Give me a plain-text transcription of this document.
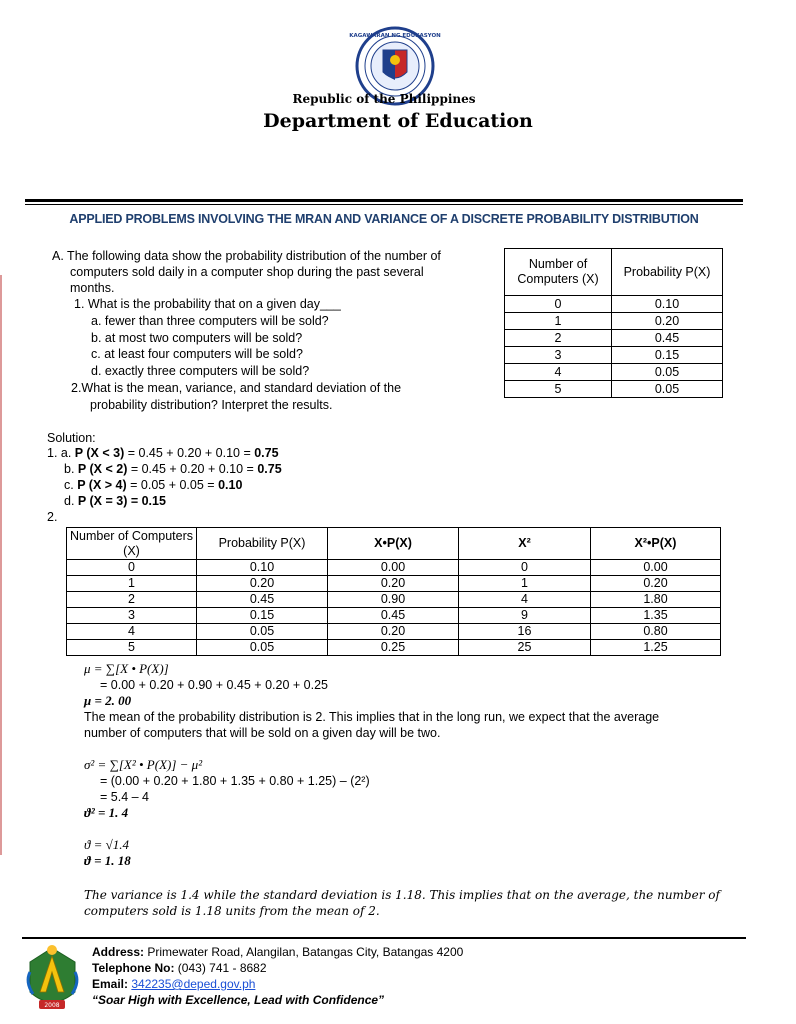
KAGAWARAN NG EDUKASYON
Republic of the Philippines
Department of Education
APPLIED PROBLEMS INVOLVING THE MRAN AND VARIANCE OF A DISCRETE PROBABILITY DISTRIBUTION
A. The following data show the probability distribution of the number of
computers sold daily in a computer shop during the past several
months.
1. What is the probability that on a given day___
a. fewer than three computers will be sold?
b. at most two computers will be sold?
c. at least four computers will be sold?
d. exactly three computers will be sold?
2.What is the mean, variance, and standard deviation of the
probability distribution? Interpret the results.
Number of Computers (X)	Probability P(X)
0	0.10
1	0.20
2	0.45
3	0.15
4	0.05
5	0.05
Solution:
1. a. P (X < 3) = 0.45 + 0.20 + 0.10 = 0.75
b. P (X < 2) = 0.45 + 0.20 + 0.10 = 0.75
c. P (X > 4) = 0.05 + 0.05 = 0.10
d. P (X = 3) = 0.15
2.
Number of Computers (X)	Probability P(X)	X•P(X)	X²	X²•P(X)
0	0.10	0.00	0	0.00
1	0.20	0.20	1	0.20
2	0.45	0.90	4	1.80
3	0.15	0.45	9	1.35
4	0.05	0.20	16	0.80
5	0.05	0.25	25	1.25
μ = ∑[X • P(X)]
= 0.00 + 0.20 + 0.90 + 0.45 + 0.20 + 0.25
μ = 2. 00
The mean of the probability distribution is 2. This implies that in the long run, we expect that the average
number of computers that will be sold on a given day will be two.
σ² = ∑[X² • P(X)] − μ²
= (0.00 + 0.20 + 1.80 + 1.35 + 0.80 + 1.25) – (2²)
= 5.4 – 4
ϑ² = 1. 4
ϑ = √1.4
ϑ = 1. 18
The variance is 1.4 while the standard deviation is 1.18. This implies that on the average, the number of
computers sold is 1.18 units from the mean of 2.
2008
Address: Primewater Road, Alangilan, Batangas City, Batangas 4200
Telephone No: (043) 741 - 8682
Email: 342235@deped.gov.ph
“Soar High with Excellence, Lead with Confidence”
